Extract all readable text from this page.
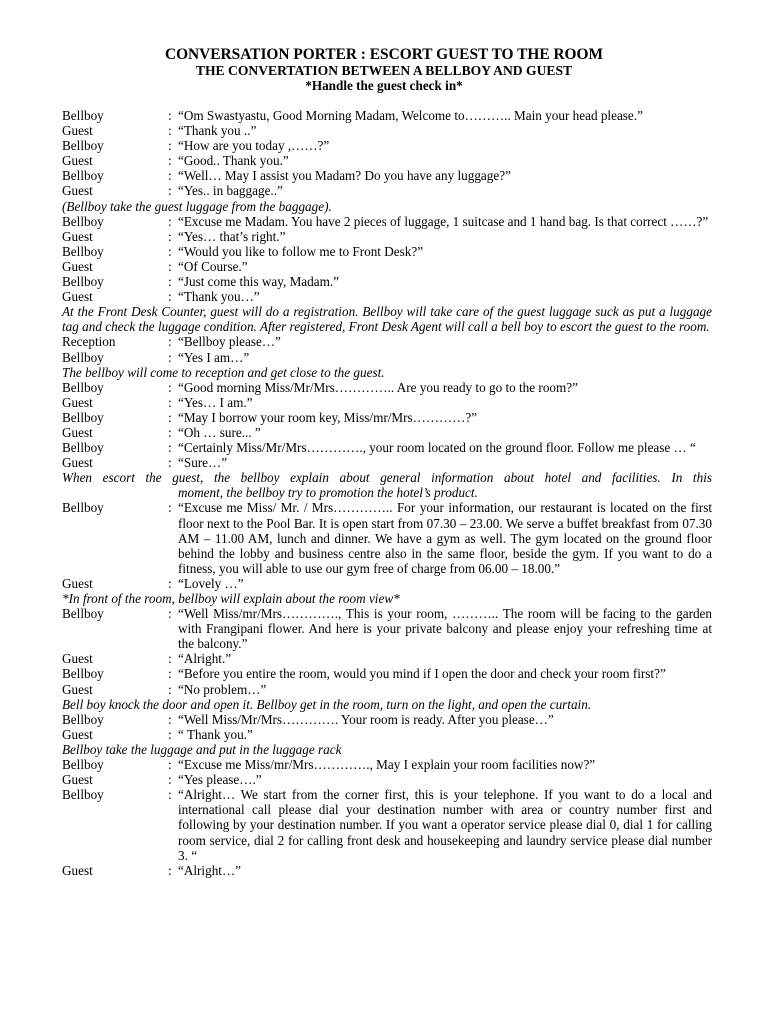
CONVERSATION PORTER : ESCORT GUEST TO THE ROOM
THE CONVERTATION BETWEEN A BELLBOY AND GUEST
*Handle the guest check in*
Bellboy	: “Om Swastyastu, Good Morning Madam, Welcome to……….. Main your head please.”
Guest	: “Thank you ..”
Bellboy	: “How are you today ,……?”
Guest	: “Good.. Thank you.”
Bellboy	: “Well… May I assist you Madam? Do you have any luggage?”
Guest	: “Yes.. in baggage..”
(Bellboy take the guest luggage from the baggage).
Bellboy	: “Excuse me Madam. You have 2 pieces of luggage, 1 suitcase and 1 hand bag. Is that correct ……?”
Guest	: “Yes… that’s right.”
Bellboy	: “Would you like to follow me to Front Desk?”
Guest	: “Of Course.”
Bellboy	: “Just come this way, Madam.”
Guest	: “Thank you…”
At the Front Desk Counter, guest will do a registration. Bellboy will take care of the guest luggage suck as put a luggage tag and check the luggage condition. After registered, Front Desk Agent will call a bell boy to escort the guest to the room.
Reception	: “Bellboy please…”
Bellboy	: “Yes I am…”
The bellboy will come to reception and get close to the guest.
Bellboy	: “Good morning Miss/Mr/Mrs………….. Are you ready to go to the room?”
Guest	: “Yes… I am.”
Bellboy	: “May I borrow your room key, Miss/mr/Mrs…………?”
Guest	: “Oh … sure... ”
Bellboy	: “Certainly Miss/Mr/Mrs…………., your room located on the ground floor. Follow me please … “
Guest	: “Sure…”
When escort the guest, the bellboy explain about general information about hotel and facilities. In this
moment, the bellboy try to promotion the hotel’s product.
Bellboy	: “Excuse me Miss/ Mr. / Mrs………….. For your information, our restaurant is located on the first floor next to the Pool Bar. It is open start from 07.30 – 23.00. We serve a buffet breakfast from 07.30 AM – 11.00 AM, lunch and dinner. We have a gym as well. The gym located on the ground floor behind the lobby and business centre also in the same floor, beside the gym. If you want to do a fitness, you will able to use our gym free of charge from 06.00 – 18.00.”
Guest	: “Lovely …”
*In front of the room, bellboy will explain about the room view*
Bellboy	: “Well Miss/mr/Mrs…………., This is your room, ……….. The room will be facing to the garden with Frangipani flower. And here is your private balcony and please enjoy your refreshing time at the balcony.”
Guest	: “Alright.”
Bellboy	: “Before you entire the room, would you mind if I open the door and check your room first?”
Guest	: “No problem…”
Bell boy knock the door and open it. Bellboy get in the room, turn on the light, and open the curtain.
Bellboy	: “Well Miss/Mr/Mrs…………. Your room is ready. After you please…”
Guest	: “ Thank you.”
Bellboy take the luggage and put in the luggage rack
Bellboy	: “Excuse me Miss/mr/Mrs…………., May I explain your room facilities now?”
Guest	: “Yes please….”
Bellboy	: “Alright… We start from the corner first, this is your telephone. If you want to do a local and international call please dial your destination number with area or country number first and following by your destination number. If you want a operator service please dial 0, dial 1 for calling room service, dial 2 for calling front desk and housekeeping and laundry service please dial number 3. “
Guest	: “Alright…”
